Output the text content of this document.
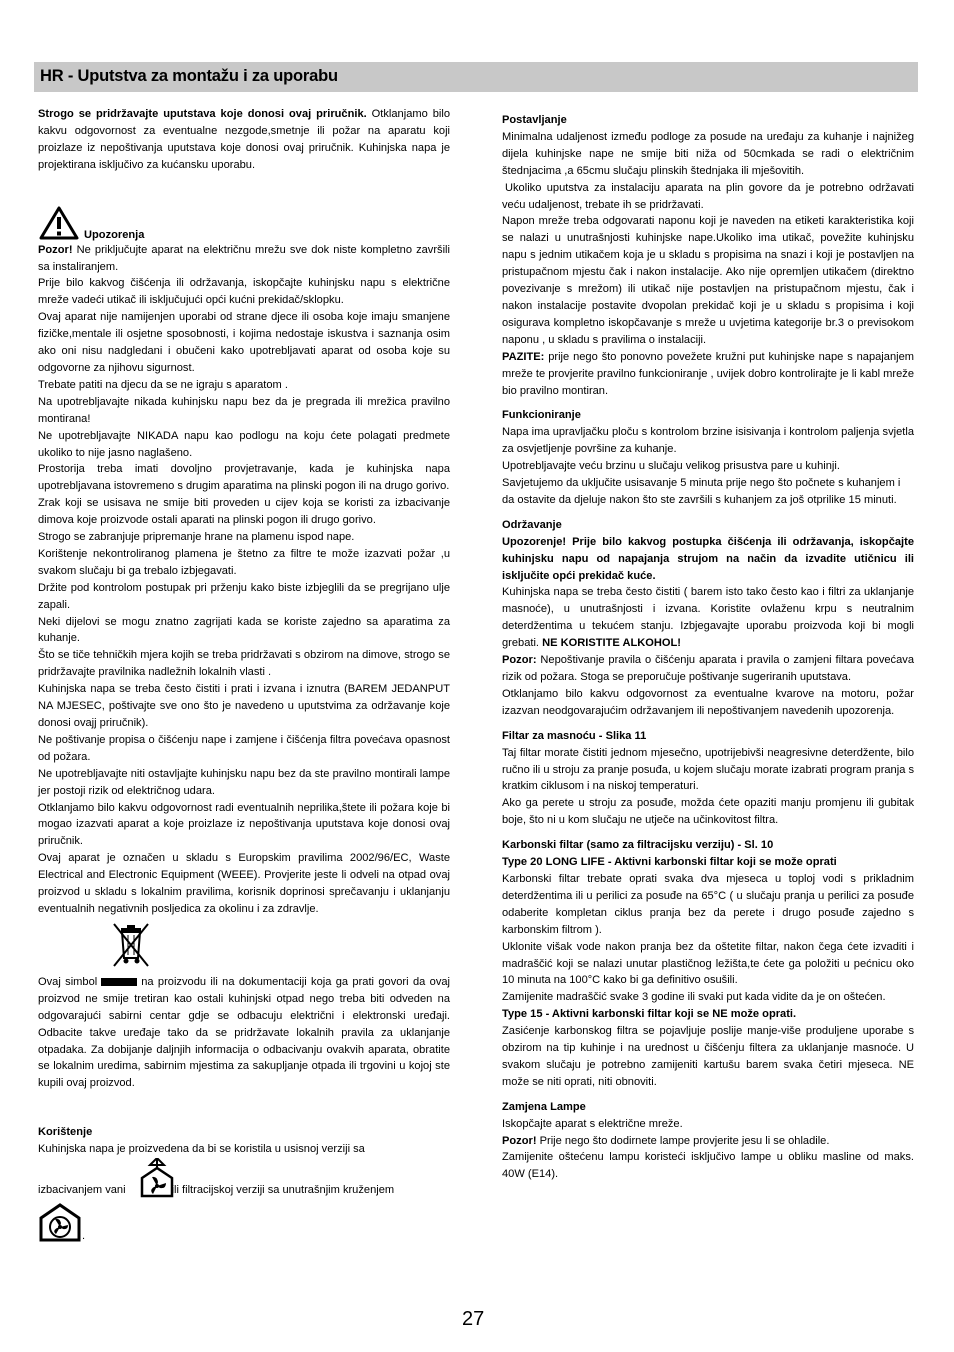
HR - Uputstva za montažu i za uporabu

Strogo se pridržavajte uputstava koje donosi ovaj priručnik. Otklanjamo bilo kakvu odgovornost za eventualne nezgode,smetnje ili požar na aparatu koji proizlaze iz nepoštivanja uputstava koje donosi ovaj priručnik. Kuhinjska napa je projektirana isključivo za kućansku uporabu.

Upozorenja

Pozor! Ne priključujte aparat na električnu mrežu sve dok niste kompletno završili sa instaliranjem.

Prije bilo kakvog čišćenja ili održavanja, iskopčajte kuhinjsku napu s električne mreže vadeći utikač ili isključujući opći kućni prekidač/sklopku.

Ovaj aparat nije namijenjen uporabi od strane djece ili osoba koje imaju smanjene fizičke,mentale ili osjetne sposobnosti, i kojima nedostaje iskustva i saznanja osim ako oni nisu nadgledani i obučeni kako upotrebljavati aparat od osoba koje su odgovorne za njihovu sigurnost.

Trebate patiti na djecu da se ne igraju s aparatom .

Na upotrebljavajte nikada kuhinjsku napu bez da je pregrada ili mrežica pravilno montirana!

Ne upotrebljavajte NIKADA napu kao podlogu na koju ćete polagati predmete ukoliko to nije jasno naglašeno.

Prostorija treba imati dovoljno provjetravanje, kada je kuhinjska napa upotrebljavana istovremeno s drugim aparatima na plinski pogon ili na drugo gorivo.

Zrak koji se usisava ne smije biti proveden u cijev koja se koristi za izbacivanje dimova koje proizvode ostali aparati na plinski pogon ili drugo gorivo.

Strogo se zabranjuje pripremanje hrane na plamenu ispod nape.

Korištenje nekontroliranog plamena je štetno za filtre te može izazvati požar ,u svakom slučaju bi ga trebalo izbjegavati.

Držite pod kontrolom postupak pri prženju kako biste izbjeglili da se pregrijano ulje zapali.

Neki dijelovi se mogu znatno zagrijati kada se koriste zajedno sa aparatima za kuhanje.

Što se tiče tehničkih mjera kojih se treba pridržavati s obzirom na dimove, strogo se pridržavajte pravilnika nadležnih lokalnih vlasti .

Kuhinjska napa se treba često čistiti i prati i izvana i iznutra (BAREM JEDANPUT NA MJESEC, poštivajte sve ono što je navedeno u uputstvima za održavanje koje donosi ovajj priručnik).

Ne poštivanje propisa o čišćenju nape i zamjene i čišćenja filtra povećava opasnost od požara.

Ne upotrebljavajte niti ostavljajte kuhinjsku napu bez da ste pravilno montirali lampe jer postoji rizik od električnog udara.

Otklanjamo bilo kakvu odgovornost radi eventualnih neprilika,štete ili požara koje bi mogao izazvati aparat a koje proizlaze iz nepoštivanja uputstava koje donosi ovaj priručnik.

Ovaj aparat je označen u skladu s Europskim pravilima 2002/96/EC, Waste Electrical and Electronic Equipment (WEEE). Provjerite jeste li odveli na otpad ovaj proizvod u skladu s lokalnim pravilima, korisnik doprinosi sprečavanju i uklanjanju eventualnih negativnih posljedica za okolinu i za zdravlje.

Ovaj simbol	na proizvodu ili na dokumentaciji koja ga prati govori da ovaj proizvod ne smije tretiran kao ostali kuhinjski otpad nego treba biti odveden na odgovarajući sabirni centar gdje se odbacuju električni i elektronski uređaji. Odbacite takve uređaje tako da se pridržavate lokalnih pravila za uklanjanje otpadaka. Za dobijanje daljnjih informacija o odbacivanju ovakvih aparata, obratite se lokalnim uredima, sabirnim mjestima za sakupljanje otpada ili trgovini u kojoj ste kupili ovaj proizvod.

Korištenje

Kuhinjska napa je proizvedena da bi se koristila u usisnoj verziji sa

izbacivanjem vani	ili filtracijskoj verziji sa unutrašnjim kruženjem
.

Postavljanje

Minimalna udaljenost između podloge za posude na uređaju za kuhanje i najnižeg dijela kuhinjske nape ne smije biti niža od 50cmkada se radi o električnim štednjacima ,a 65cmu slučaju plinskih štednjaka ili mješovitih.

Ukoliko uputstva za instalaciju aparata na plin govore da je potrebno održavati veću udaljenost, trebate ih se pridržavati.

Napon mreže treba odgovarati naponu koji je naveden na etiketi karakteristika koji se nalazi u unutrašnjosti kuhinjske nape.Ukoliko ima utikač, povežite kuhinjsku napu s jednim utikačem koja je u skladu s propisima na snazi i koji je postavljen na pristupačnom mjestu čak i nakon instalacije. Ako nije opremljen utikačem (direktno povezivanje s mrežom) ili utikač nije postavljen na pristupačnom mjestu, čak i nakon instalacije postavite dvopolan prekidač koji je u skladu s propisima i koji osigurava kompletno iskopčavanje s mreže u uvjetima kategorije br.3 o previsokom naponu , u skladu s pravilima o instalaciji.

PAZITE: prije nego što ponovno povežete kružni put kuhinjske nape s napajanjem mreže te provjerite pravilno funkcioniranje , uvijek dobro kontrolirajte je li kabl mreže bio pravilno montiran.

Funkcioniranje

Napa ima upravljačku ploču s kontrolom brzine isisivanja i kontrolom paljenja svjetla za osvjetljenje površine za kuhanje.

Upotrebljavajte veću brzinu u slučaju velikog prisustva pare u kuhinji.

Savjetujemo da uključite usisavanje 5 minuta prije nego što počnete s kuhanjem i da ostavite da djeluje nakon što ste završili s kuhanjem za još otprilike 15 minuti.

Održavanje

Upozorenje! Prije bilo kakvog postupka čišćenja ili održavanja, iskopčajte kuhinjsku napu od napajanja strujom na način da izvadite utičnicu ili isključite opći prekidač kuće.

Kuhinjska napa se treba često čistiti ( barem isto tako često kao i filtri za uklanjanje masnoće), u unutrašnjosti i izvana. Koristite ovlaženu krpu s neutralnim deterdžentima u tekućem stanju. Izbjegavajte uporabu proizvoda koji bi mogli grebati. NE KORISTITE ALKOHOL!

Pozor: Nepoštivanje pravila o čišćenju aparata i pravila o zamjeni filtara povećava rizik od požara. Stoga se preporučuje poštivanje sugeriranih uputstava.

Otklanjamo bilo kakvu odgovornost za eventualne kvarove na motoru, požar izazvan neodgovarajućim održavanjem ili nepoštivanjem navedenih upozorenja.

Filtar za masnoću - Slika 11

Taj filtar morate čistiti jednom mjesečno, upotrijebivši neagresivne deterdžente, bilo ručno ili u stroju za pranje posuđa, u kojem slučaju morate izabrati program pranja s kratkim ciklusom i na niskoj temperaturi.

Ako ga perete u stroju za posuđe, možda ćete opaziti manju promjenu ili gubitak boje, što ni u kom slučaju ne utječe na učinkovitost filtra.

Karbonski filtar (samo za filtracijsku verziju) - Sl. 10

Type 20 LONG LIFE - Aktivni karbonski filtar koji se može oprati

Karbonski filtar trebate oprati svaka dva mjeseca u toploj vodi s prikladnim deterdžentima ili u perilici za posuđe na 65°C ( u slučaju pranja u perilici za posuđe odaberite kompletan ciklus pranja bez da perete i drugo posuđe zajedno s karbonskim filtrom ).

Uklonite višak vode nakon pranja bez da oštetite filtar, nakon čega ćete izvaditi i madraščić koji se nalazi unutar plastičnog ležišta,te ćete ga položiti u pećnicu oko 10 minuta na 100°C kako bi ga definitivo osušili.

Zamijenite madraščić svake 3 godine ili svaki put kada vidite da je on oštećen.

Type 15 - Aktivni karbonski filtar koji se NE može oprati.

Zasićenje karbonskog filtra se pojavljuje poslije manje-više produljene uporabe s obzirom na tip kuhinje i na urednost u čišćenju filtera za uklanjanje masnoće. U svakom slučaju je potrebno zamijeniti kartušu barem svaka četiri mjeseca. NE može se niti oprati, niti obnoviti.

Zamjena Lampe

Iskopčajte aparat s električne mreže.

Pozor! Prije nego što dodirnete lampe provjerite jesu li se ohladile.

Zamijenite oštećenu lampu koristeći isključivo lampe u obliku masline od maks. 40W (E14).

27
